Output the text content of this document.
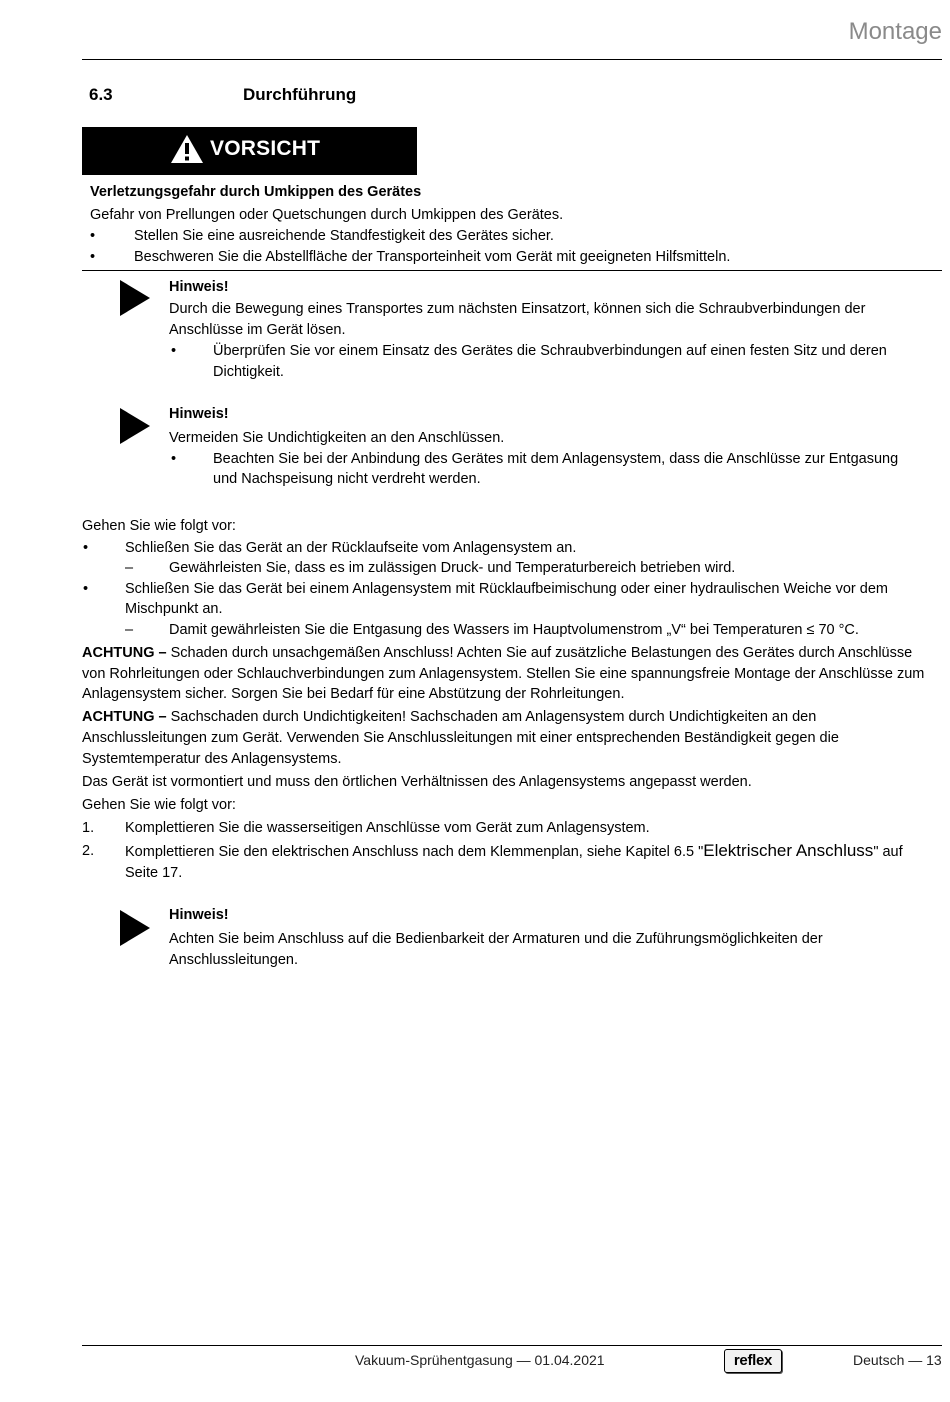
Montage
6.3	Durchführung
VORSICHT
Verletzungsgefahr durch Umkippen des Gerätes
Gefahr von Prellungen oder Quetschungen durch Umkippen des Gerätes.
•	Stellen Sie eine ausreichende Standfestigkeit des Gerätes sicher.
•	Beschweren Sie die Abstellfläche der Transporteinheit vom Gerät mit geeigneten Hilfsmitteln.
Hinweis!
Durch die Bewegung eines Transportes zum nächsten Einsatzort, können sich die Schraubverbindungen der
Anschlüsse im Gerät lösen.
•	Überprüfen Sie vor einem Einsatz des Gerätes die Schraubverbindungen auf einen festen Sitz und deren
Dichtigkeit.
Hinweis!
Vermeiden Sie Undichtigkeiten an den Anschlüssen.
•	Beachten Sie bei der Anbindung des Gerätes mit dem Anlagensystem, dass die Anschlüsse zur Entgasung
und Nachspeisung nicht verdreht werden.
Gehen Sie wie folgt vor:
•	Schließen Sie das Gerät an der Rücklaufseite vom Anlagensystem an.
– Gewährleisten Sie, dass es im zulässigen Druck- und Temperaturbereich betrieben wird.
•	Schließen Sie das Gerät bei einem Anlagensystem mit Rücklaufbeimischung oder einer hydraulischen Weiche vor dem
Mischpunkt an.
– Damit gewährleisten Sie die Entgasung des Wassers im Hauptvolumenstrom „V“ bei Temperaturen ≤ 70 °C.
ACHTUNG – Schaden durch unsachgemäßen Anschluss! Achten Sie auf zusätzliche Belastungen des Gerätes durch Anschlüsse
von Rohrleitungen oder Schlauchverbindungen zum Anlagensystem. Stellen Sie eine spannungsfreie Montage der Anschlüsse zum
Anlagensystem sicher. Sorgen Sie bei Bedarf für eine Abstützung der Rohrleitungen.
ACHTUNG – Sachschaden durch Undichtigkeiten! Sachschaden am Anlagensystem durch Undichtigkeiten an den
Anschlussleitungen zum Gerät. Verwenden Sie Anschlussleitungen mit einer entsprechenden Beständigkeit gegen die
Systemtemperatur des Anlagensystems.
Das Gerät ist vormontiert und muss den örtlichen Verhältnissen des Anlagensystems angepasst werden.
Gehen Sie wie folgt vor:
1. Komplettieren Sie die wasserseitigen Anschlüsse vom Gerät zum Anlagensystem.
2. Komplettieren Sie den elektrischen Anschluss nach dem Klemmenplan, siehe Kapitel 6.5 "Elektrischer Anschluss" auf
Seite 17.
Hinweis!
Achten Sie beim Anschluss auf die Bedienbarkeit der Armaturen und die Zuführungsmöglichkeiten der
Anschlussleitungen.
Vakuum-Sprühentgasung — 01.04.2021	reflex	Deutsch — 13
